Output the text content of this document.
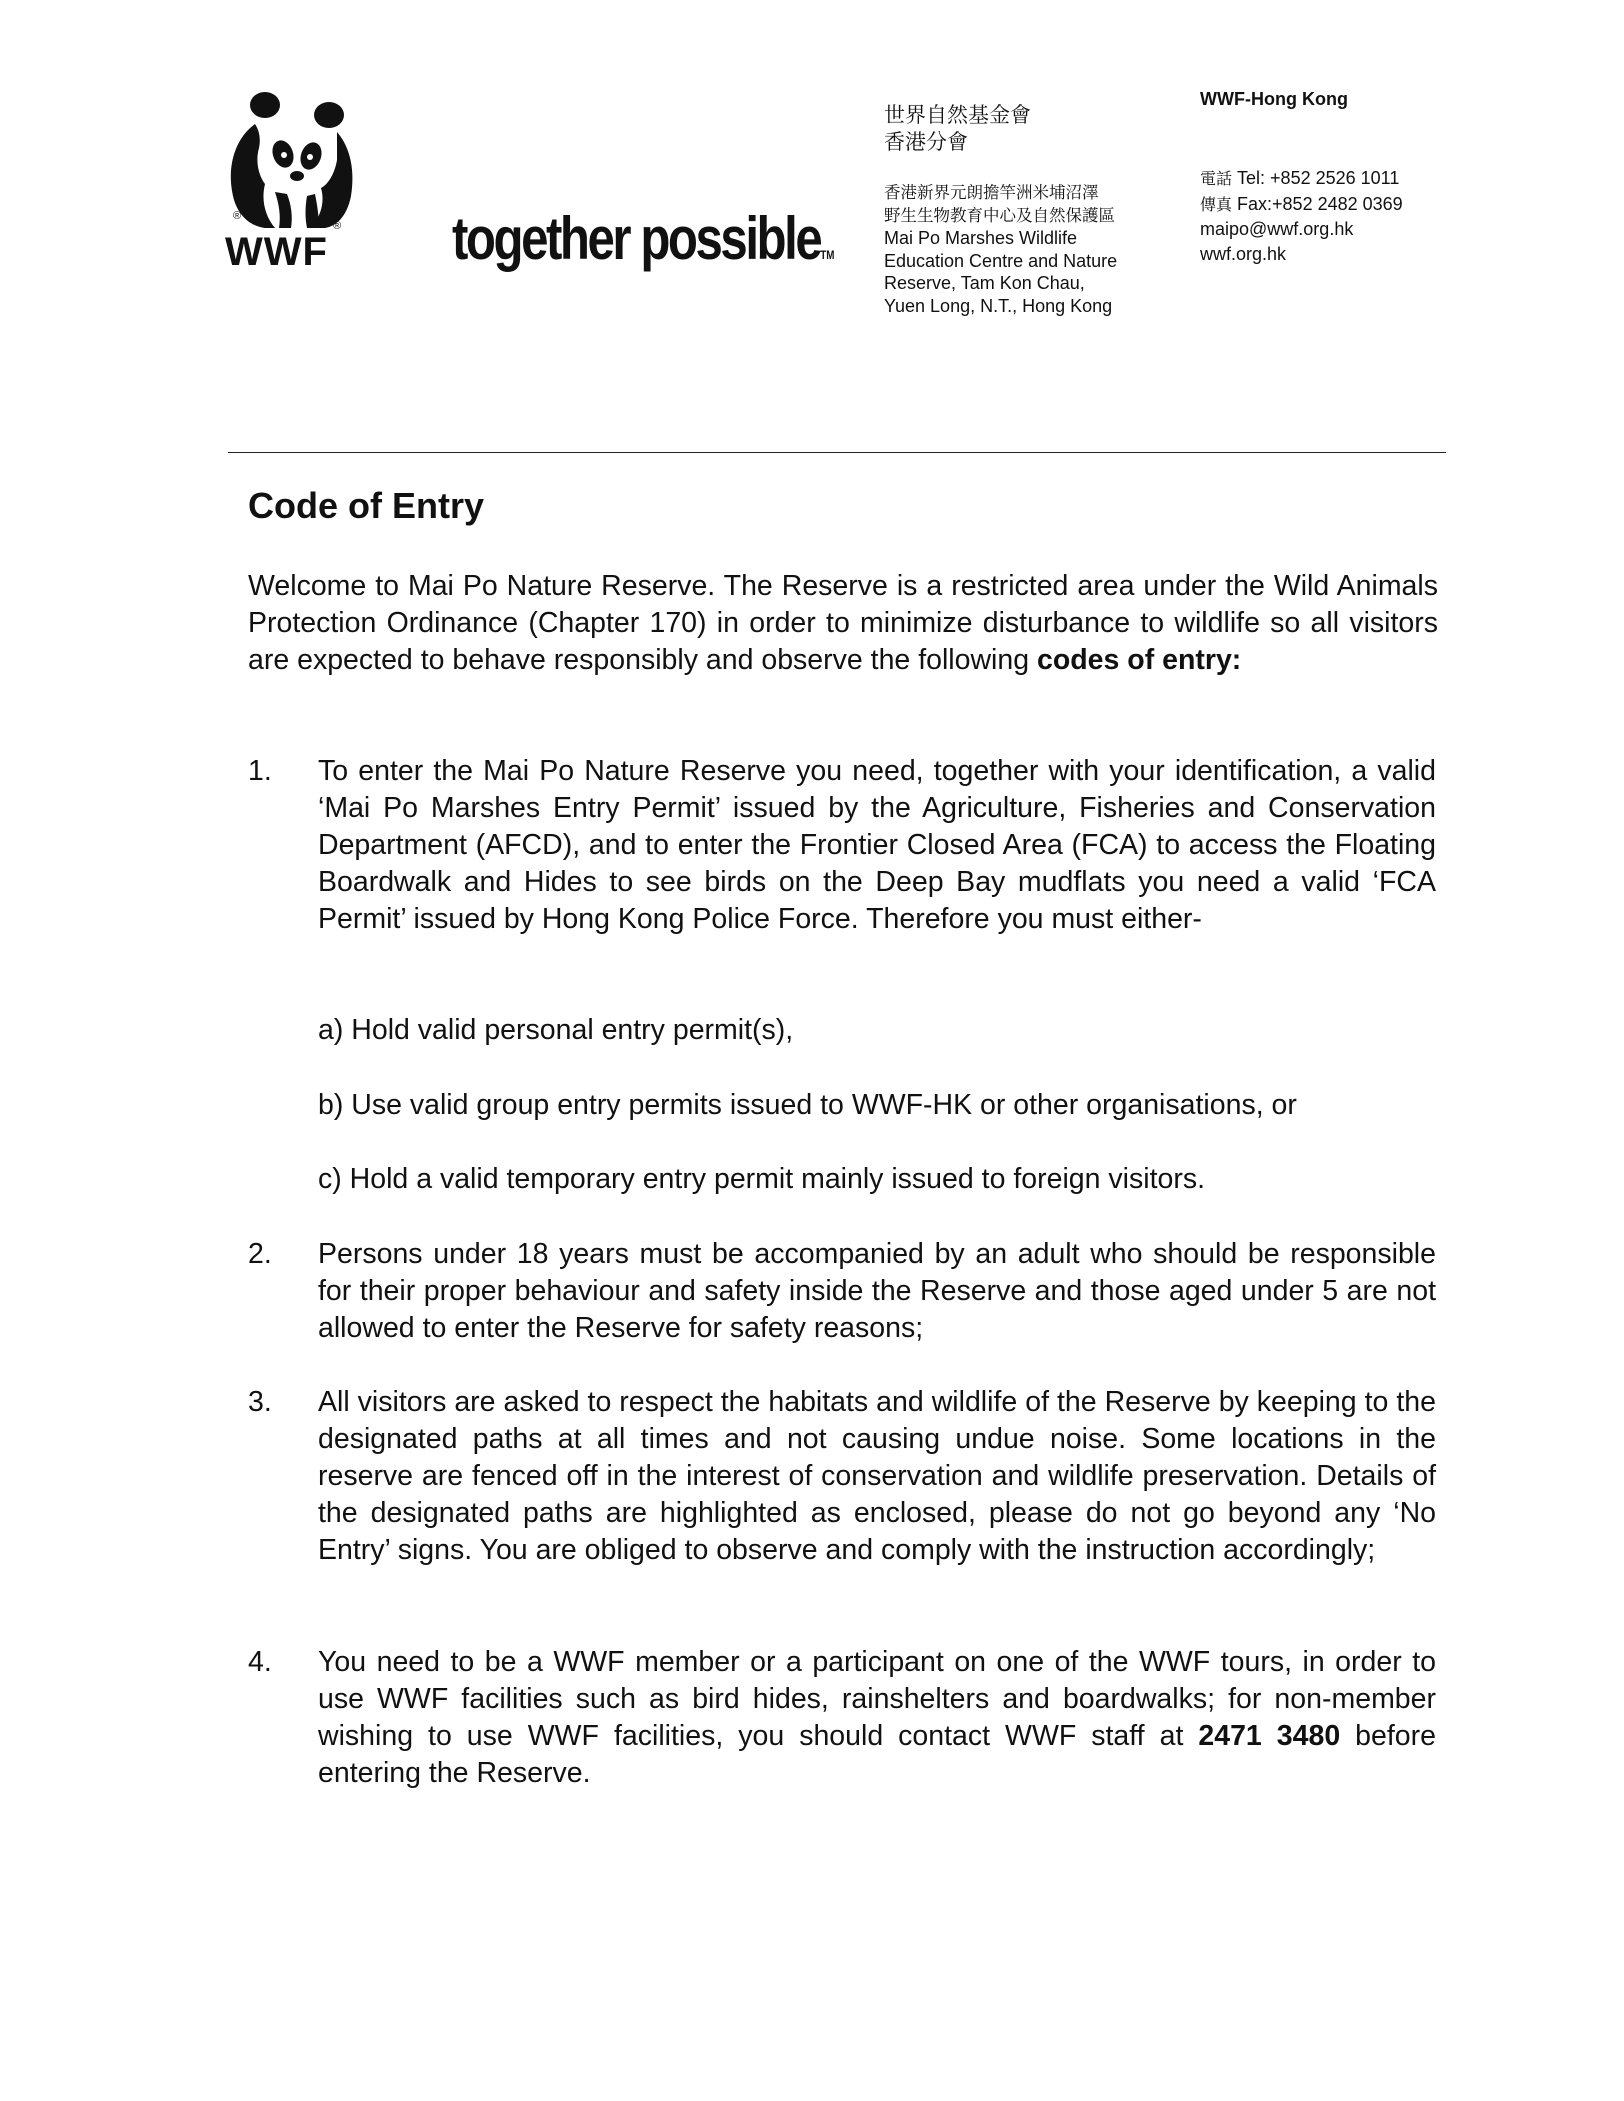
®
®
WWF	together possibleTM
世界自然基金會
香港分會
香港新界元朗擔竿洲米埔沼澤
野生生物教育中心及自然保護區
Mai Po Marshes Wildlife
Education Centre and Nature
Reserve, Tam Kon Chau,
Yuen Long, N.T., Hong Kong
WWF-Hong Kong
電話 Tel: +852 2526 1011
傳真 Fax:+852 2482 0369
maipo@wwf.org.hk
wwf.org.hk
Code of Entry
Welcome to Mai Po Nature Reserve. The Reserve is a restricted area under the Wild Animals Protection Ordinance (Chapter 170) in order to minimize disturbance to wildlife so all visitors are expected to behave responsibly and observe the following codes of entry:
1. To enter the Mai Po Nature Reserve you need, together with your identification, a valid ‘Mai Po Marshes Entry Permit’ issued by the Agriculture, Fisheries and Conservation Department (AFCD), and to enter the Frontier Closed Area (FCA) to access the Floating Boardwalk and Hides to see birds on the Deep Bay mudflats you need a valid ‘FCA Permit’ issued by Hong Kong Police Force. Therefore you must either-
a) Hold valid personal entry permit(s),
b) Use valid group entry permits issued to WWF-HK or other organisations, or
c) Hold a valid temporary entry permit mainly issued to foreign visitors.
2. Persons under 18 years must be accompanied by an adult who should be responsible for their proper behaviour and safety inside the Reserve and those aged under 5 are not allowed to enter the Reserve for safety reasons;
3. All visitors are asked to respect the habitats and wildlife of the Reserve by keeping to the designated paths at all times and not causing undue noise. Some locations in the reserve are fenced off in the interest of conservation and wildlife preservation. Details of the designated paths are highlighted as enclosed, please do not go beyond any ‘No Entry’ signs. You are obliged to observe and comply with the instruction accordingly;
4. You need to be a WWF member or a participant on one of the WWF tours, in order to use WWF facilities such as bird hides, rainshelters and boardwalks; for non-member wishing to use WWF facilities, you should contact WWF staff at 2471 3480 before entering the Reserve.
